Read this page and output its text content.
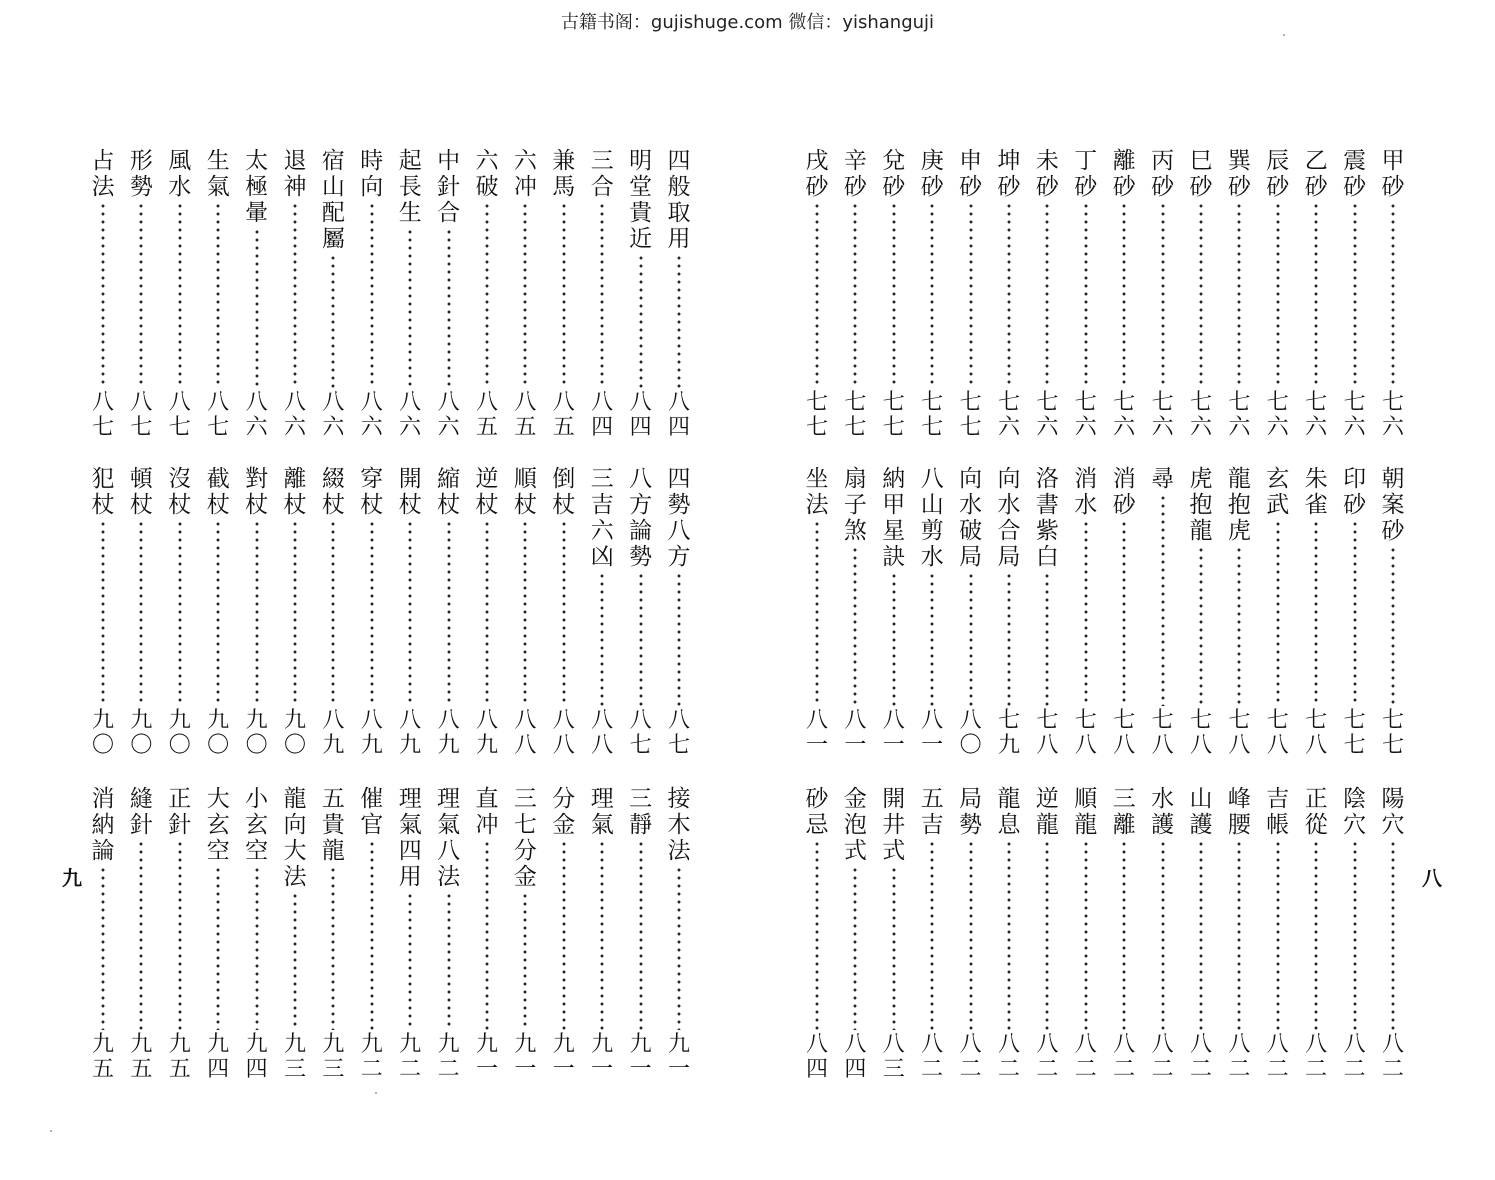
古籍书阁：gujishuge.com 微信：yishanguji
甲
砂
七
六
震
砂
七
六
乙
砂
七
六
辰
砂
七
六
巽
砂
七
六
巳
砂
七
六
丙
砂
七
六
離
砂
七
六
丁
砂
七
六
未
砂
七
六
坤
砂
七
六
申
砂
七
七
庚
砂
七
七
兌
砂
七
七
辛
砂
七
七
戌
砂
七
七
朝
案
砂
七
七
印
砂
七
七
朱
雀
七
八
玄
武
七
八
龍
抱
虎
七
八
虎
抱
龍
七
八
尋
七
八
消
砂
七
八
消
水
七
八
洛
書
紫
白
七
八
向
水
合
局
七
九
向
水
破
局
八
〇
八
山
剪
水
八
一
納
甲
星
訣
八
一
扇
子
煞
八
一
坐
法
八
一
陽
穴
八
二
陰
穴
八
二
正
從
八
二
吉
帳
八
二
峰
腰
八
二
山
護
八
二
水
護
八
二
三
離
八
二
順
龍
八
二
逆
龍
八
二
龍
息
八
二
局
勢
八
二
五
吉
八
二
開
井
式
八
三
金
泡
式
八
四
砂
忌
八
四
四
般
取
用
八
四
明
堂
貴
近
八
四
三
合
八
四
兼
馬
八
五
六
冲
八
五
六
破
八
五
中
針
合
八
六
起
長
生
八
六
時
向
八
六
宿
山
配
屬
八
六
退
神
八
六
太
極
暈
八
六
生
氣
八
七
風
水
八
七
形
勢
八
七
占
法
八
七
四
勢
八
方
八
七
八
方
論
勢
八
七
三
吉
六
凶
八
八
倒
杖
八
八
順
杖
八
八
逆
杖
八
九
縮
杖
八
九
開
杖
八
九
穿
杖
八
九
綴
杖
八
九
離
杖
九
〇
對
杖
九
〇
截
杖
九
〇
沒
杖
九
〇
頓
杖
九
〇
犯
杖
九
〇
接
木
法
九
一
三
靜
九
一
理
氣
九
一
分
金
九
一
三
七
分
金
九
一
直
冲
九
一
理
氣
八
法
九
二
理
氣
四
用
九
二
催
官
九
二
五
貴
龍
九
三
龍
向
大
法
九
三
小
玄
空
九
四
大
玄
空
九
四
正
針
九
五
縫
針
九
五
消
納
論
九
五
九	八
